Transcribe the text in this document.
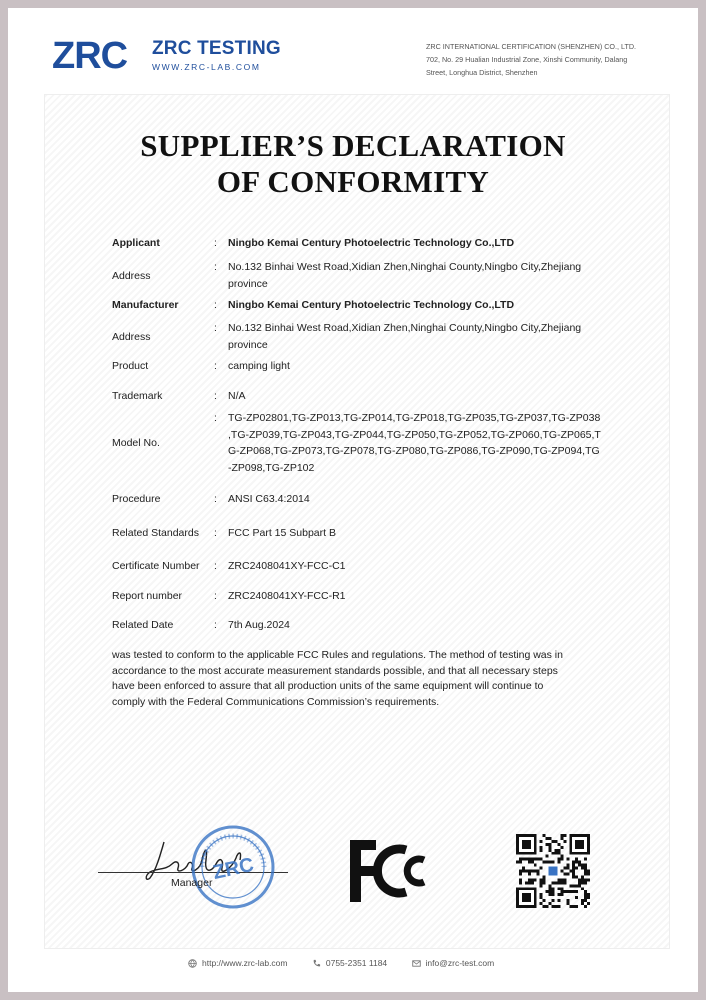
ZRC ZRC TESTING
WWW.ZRC-LAB.COM
ZRC INTERNATIONAL CERTIFICATION (SHENZHEN) CO., LTD.
702, No. 29 Hualian Industrial Zone, Xinshi Community, Dalang
Street, Longhua District, Shenzhen
SUPPLIER’S DECLARATION
OF CONFORMITY
Applicant	: Ningbo Kemai Century Photoelectric Technology Co.,LTD
Address
: No.132 Binhai West Road,Xidian Zhen,Ninghai County,Ningbo City,Zhejiang
province
Manufacturer	: Ningbo Kemai Century Photoelectric Technology Co.,LTD
Address
: No.132 Binhai West Road,Xidian Zhen,Ninghai County,Ningbo City,Zhejiang
province
Product	: camping light
Trademark	: N/A
Model No.
: TG-ZP02801,TG-ZP013,TG-ZP014,TG-ZP018,TG-ZP035,TG-ZP037,TG-ZP038
,TG-ZP039,TG-ZP043,TG-ZP044,TG-ZP050,TG-ZP052,TG-ZP060,TG-ZP065,T
G-ZP068,TG-ZP073,TG-ZP078,TG-ZP080,TG-ZP086,TG-ZP090,TG-ZP094,TG
-ZP098,TG-ZP102
Procedure	: ANSI C63.4:2014
Related Standards : FCC Part 15 Subpart B
Certificate Number : ZRC2408041XY-FCC-C1
Report number	: ZRC2408041XY-FCC-R1
Related Date	: 7th Aug.2024
was tested to conform to the applicable FCC Rules and regulations. The method of testing was in
accordance to the most accurate measurement standards possible, and that all necessary steps
have been enforced to assure that all production units of the same equipment will continue to
comply with the Federal Communications Commission’s requirements.
ZRC
Manager
http://www.zrc-lab.com
	0755-2351 1184
	info@zrc-test.com
